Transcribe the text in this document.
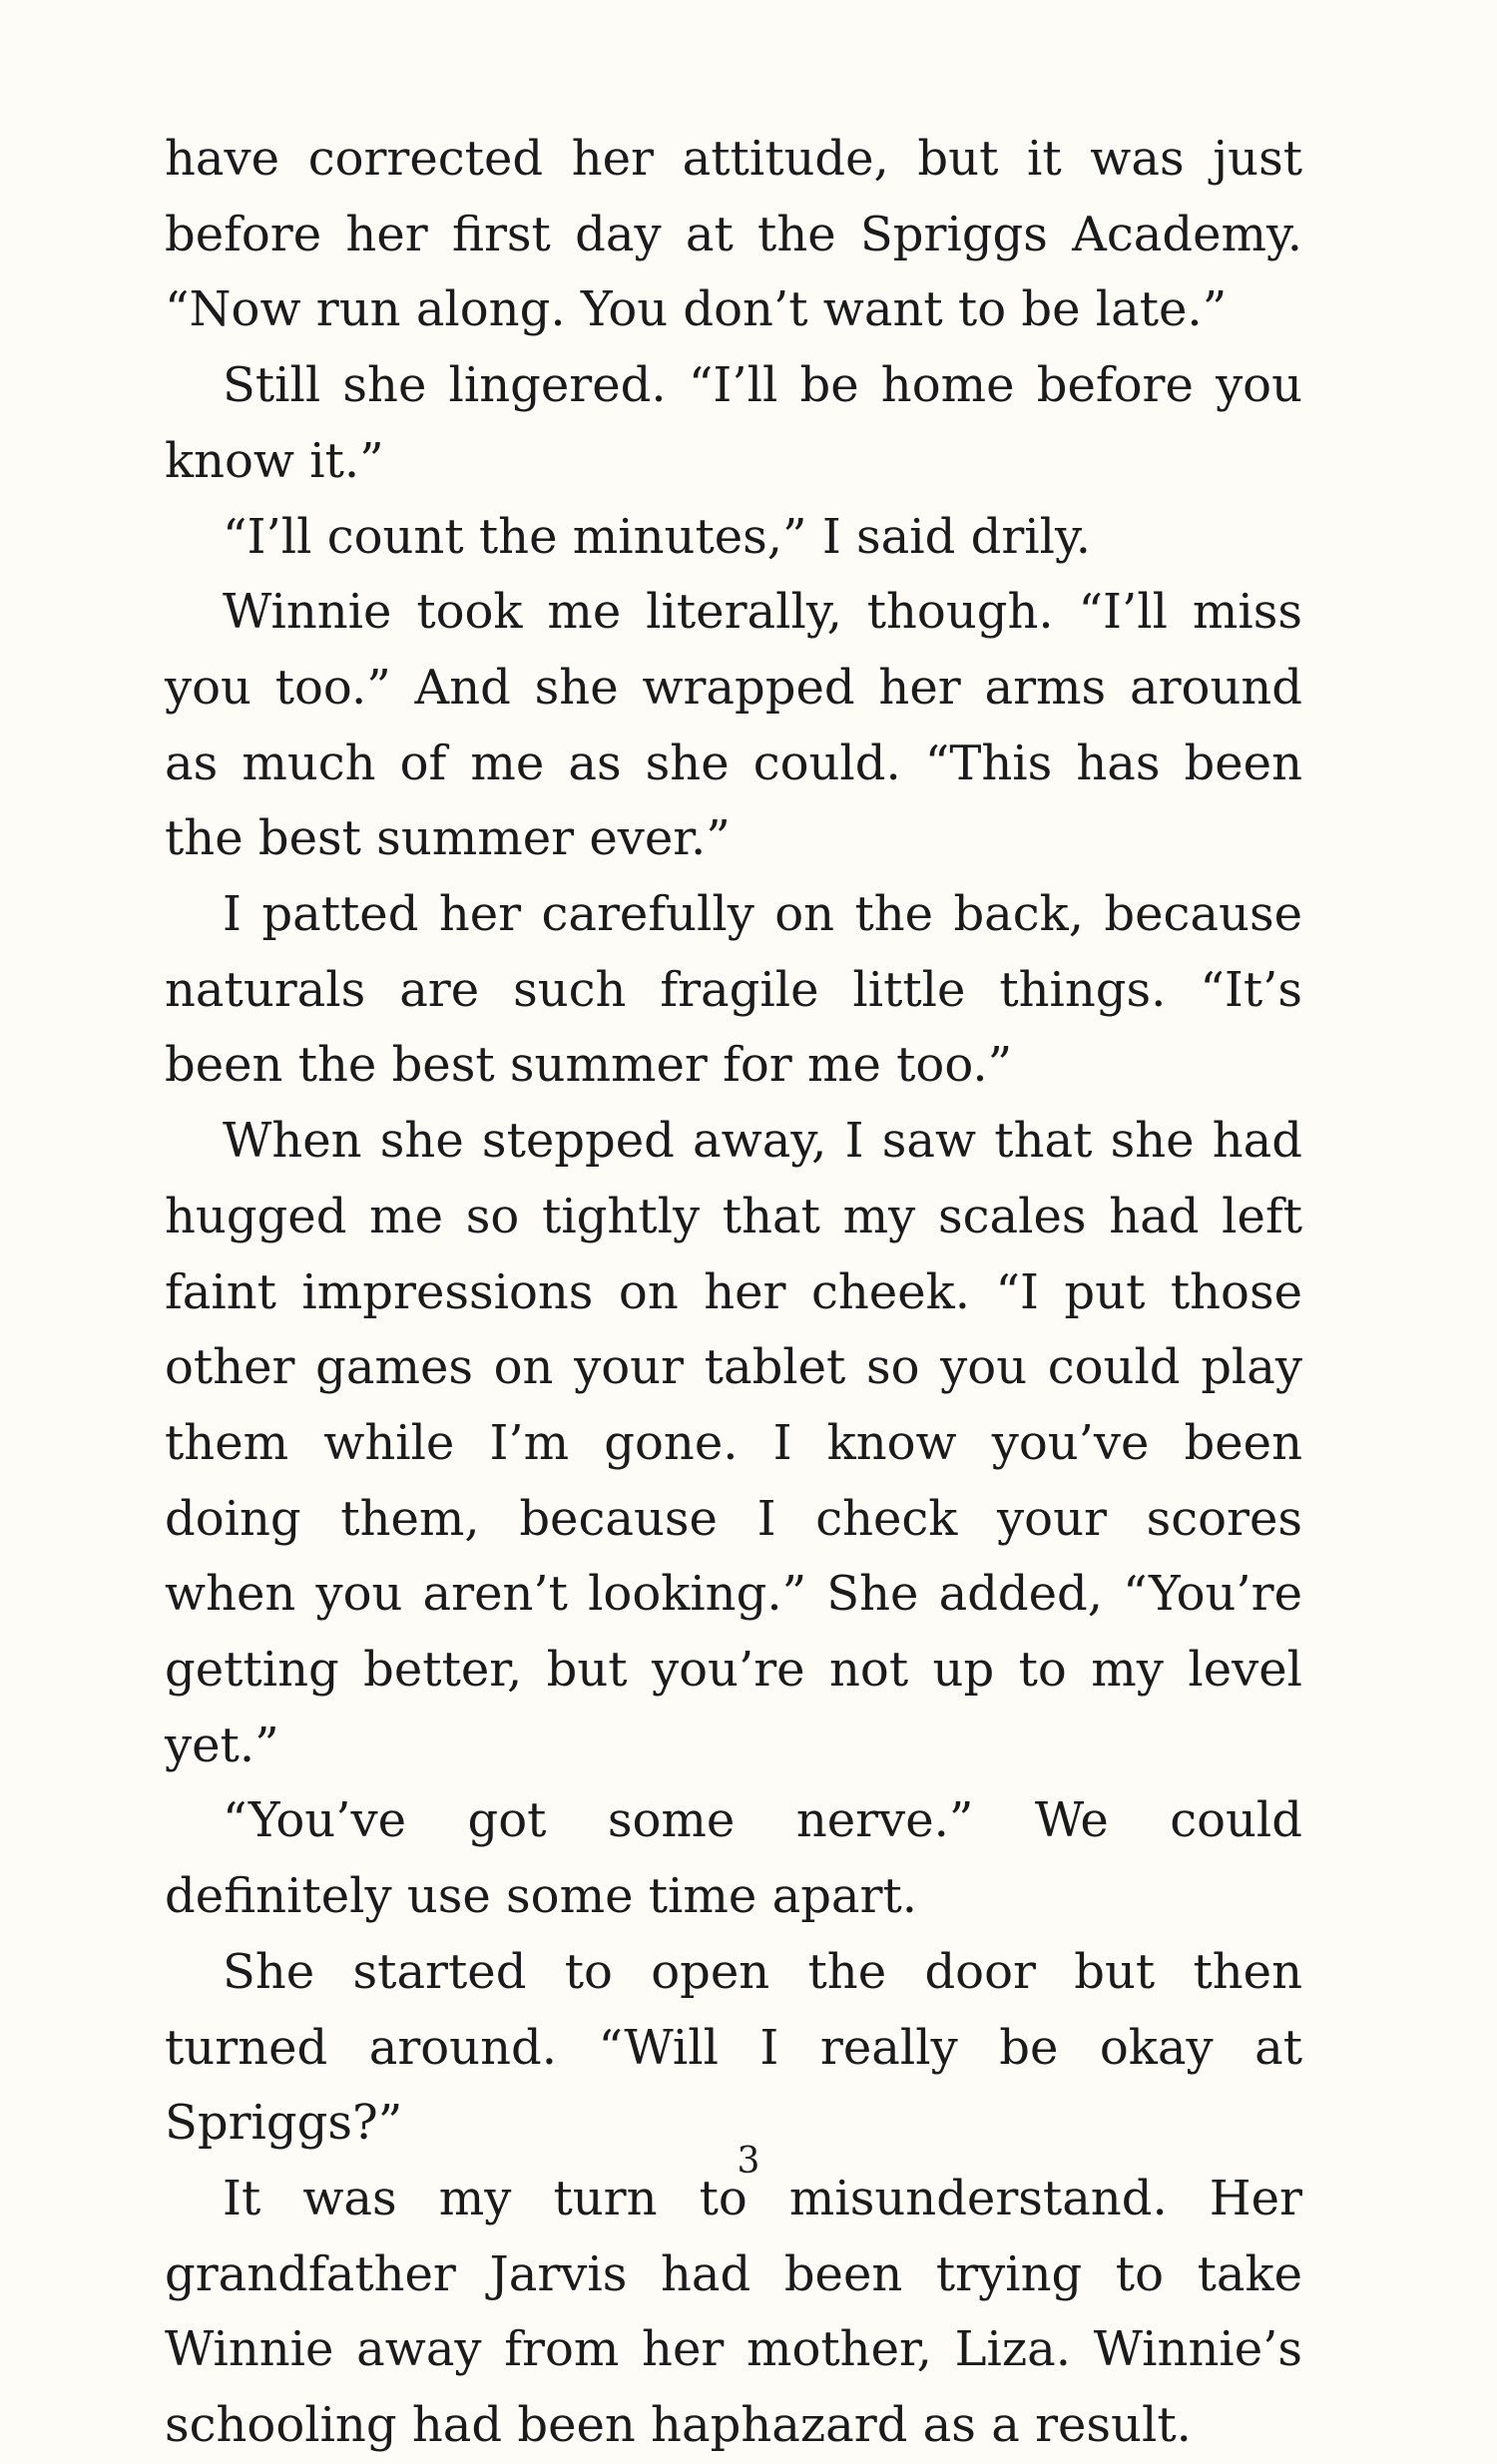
have corrected her attitude, but it was just before her first day at the Spriggs Academy. “Now run along. You don’t want to be late.”

Still she lingered. “I’ll be home before you know it.”

“I’ll count the minutes,” I said drily.

Winnie took me literally, though. “I’ll miss you too.” And she wrapped her arms around as much of me as she could. “This has been the best summer ever.”

I patted her carefully on the back, because naturals are such fragile little things. “It’s been the best summer for me too.”

When she stepped away, I saw that she had hugged me so tightly that my scales had left faint impressions on her cheek. “I put those other games on your tablet so you could play them while I’m gone. I know you’ve been doing them, because I check your scores when you aren’t looking.” She added, “You’re getting better, but you’re not up to my level yet.”

“You’ve got some nerve.” We could definitely use some time apart.

She started to open the door but then turned around. “Will I really be okay at Spriggs?”

It was my turn to misunderstand. Her grandfather Jarvis had been trying to take Winnie away from her mother, Liza. Winnie’s schooling had been haphazard as a result.

3
